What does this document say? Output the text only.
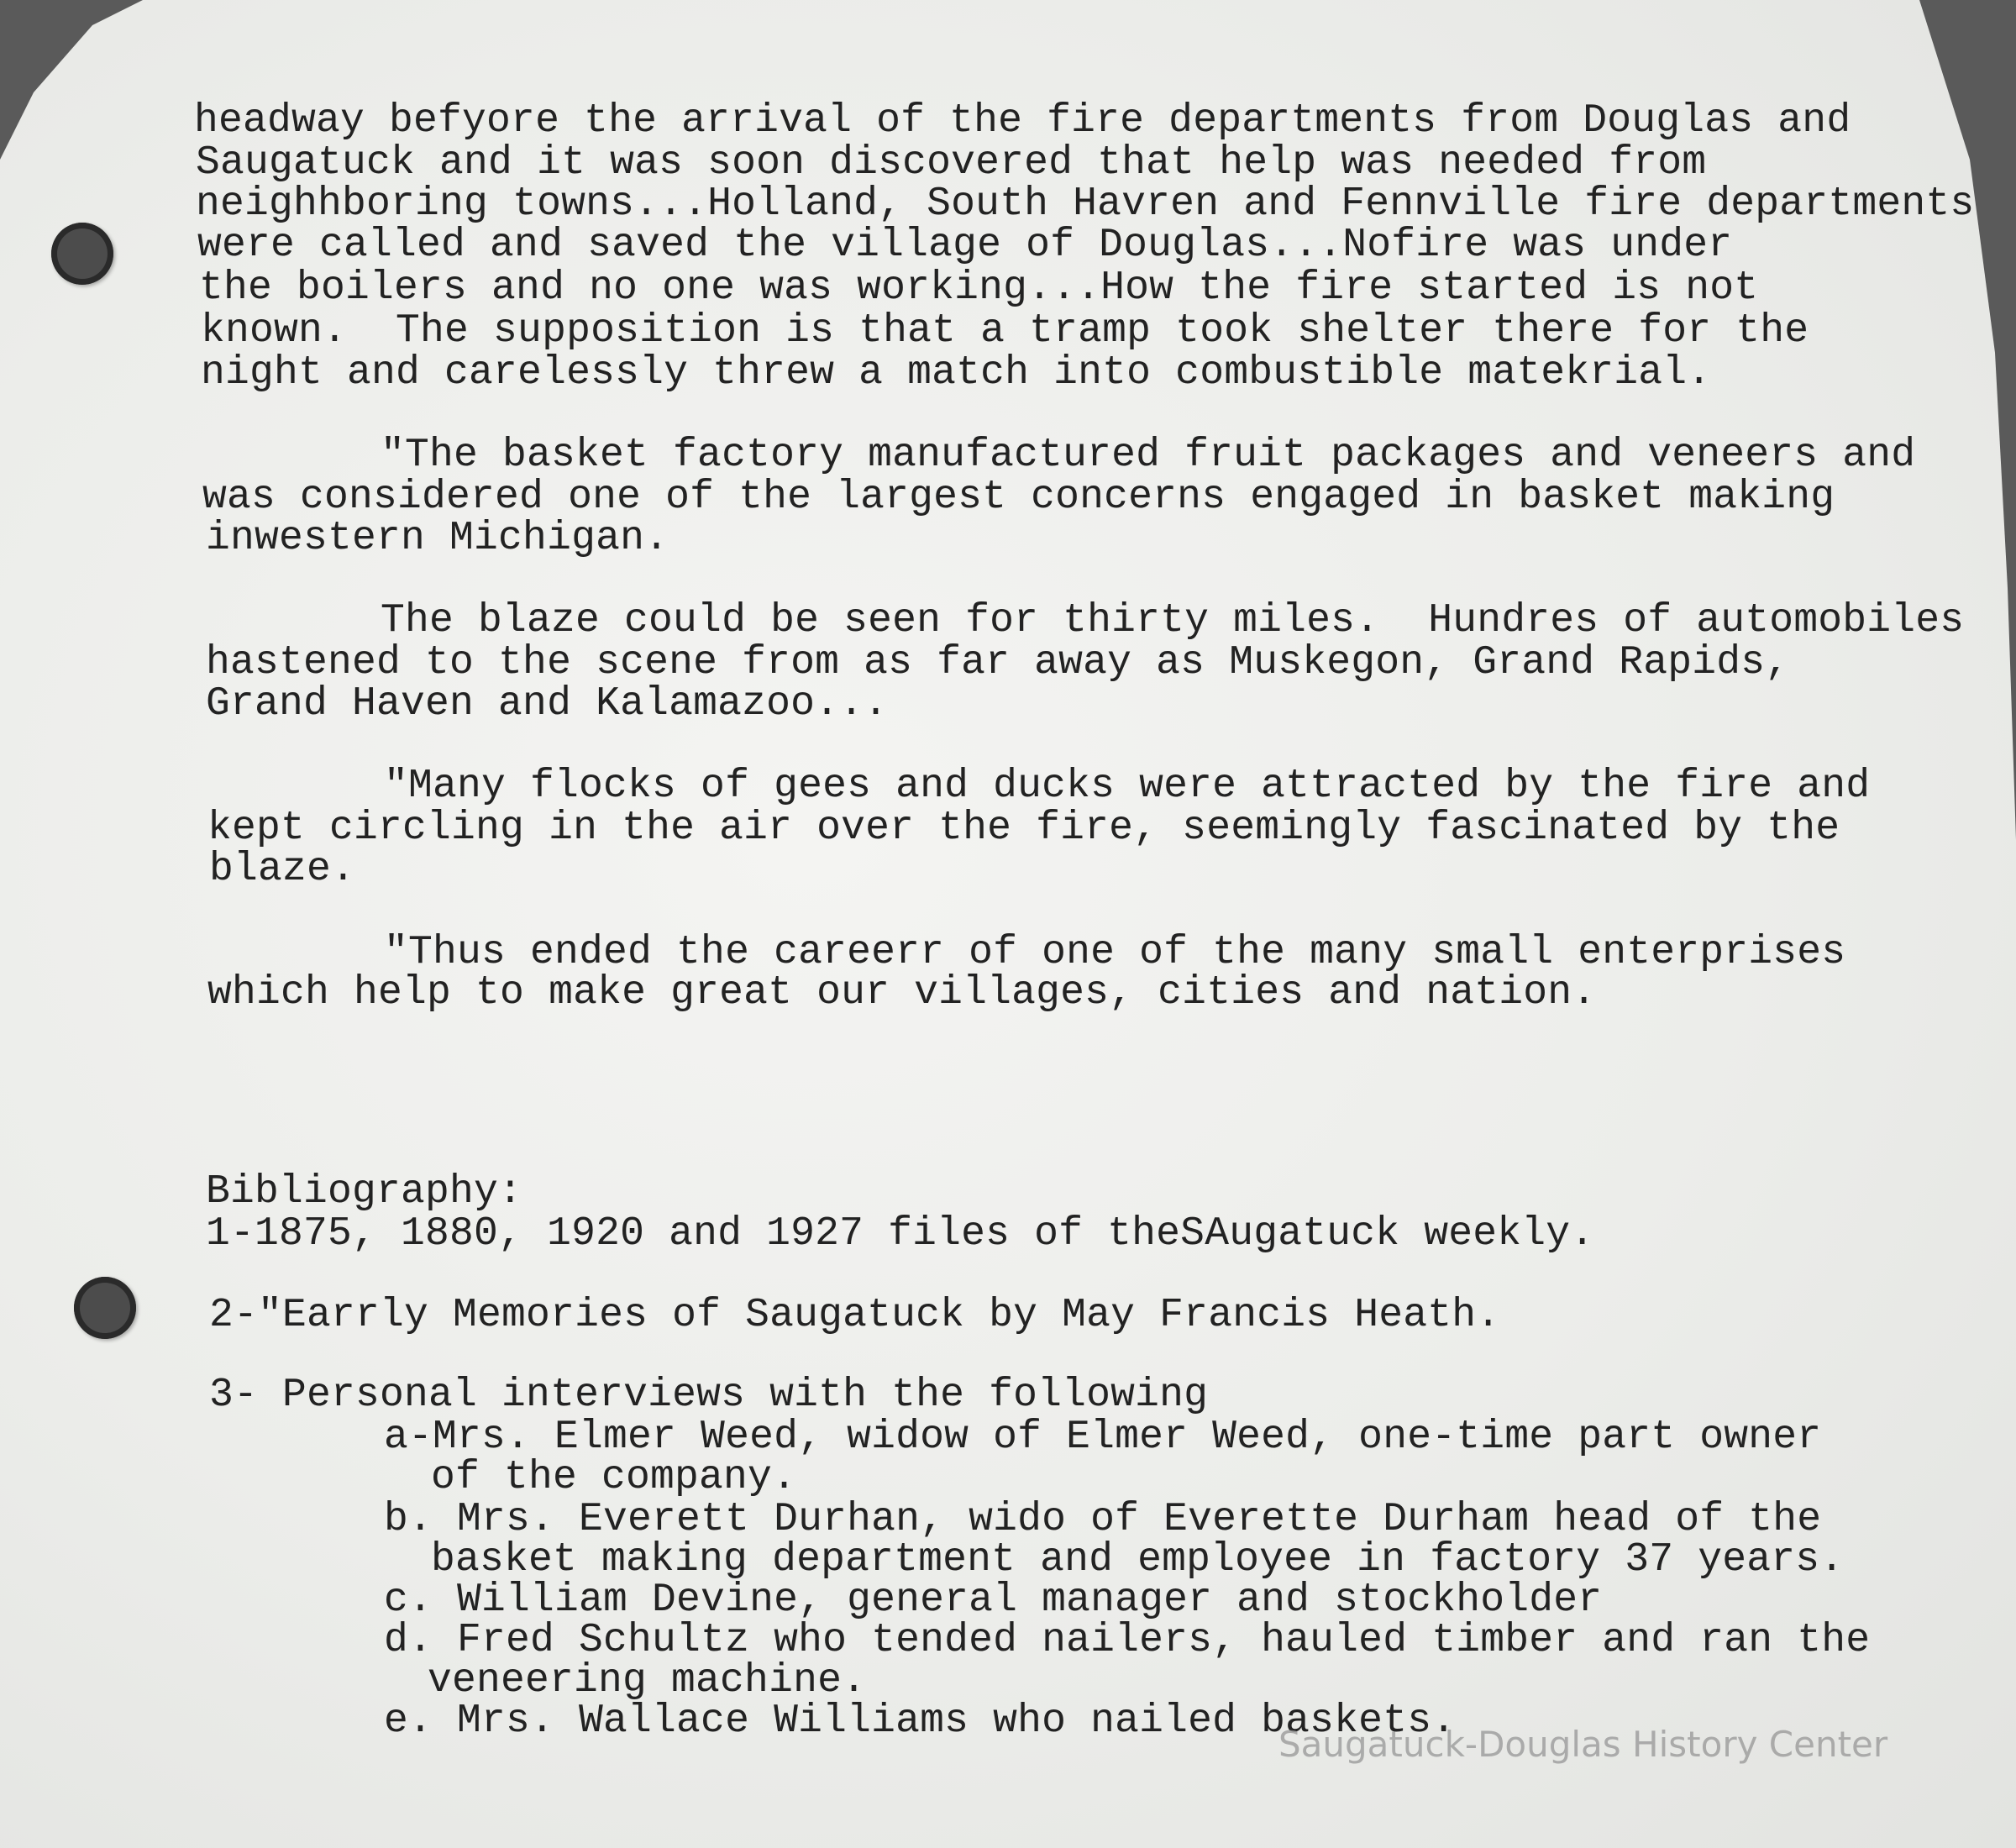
headway befyore the arrival of the fire departments from Douglas and
Saugatuck and it was soon discovered that help was needed from
neighhboring towns...Holland, South Havren and Fennville fire departments
were called and saved the village of Douglas...Nofire was under
the boilers and no one was working...How the fire started is not
known.  The supposition is that a tramp took shelter there for the
night and carelessly threw a match into combustible matekrial.
"The basket factory manufactured fruit packages and veneers and
was considered one of the largest concerns engaged in basket making
inwestern Michigan.
The blaze could be seen for thirty miles.  Hundres of automobiles
hastened to the scene from as far away as Muskegon, Grand Rapids,
Grand Haven and Kalamazoo...
"Many flocks of gees and ducks were attracted by the fire and
kept circling in the air over the fire, seemingly fascinated by the
blaze.
"Thus ended the careerr of one of the many small enterprises
which help to make great our villages, cities and nation.
Bibliography:
1-1875, 1880, 1920 and 1927 files of theSAugatuck weekly.
2-"Earrly Memories of Saugatuck by May Francis Heath.
3- Personal interviews with the following
a-Mrs. Elmer Weed, widow of Elmer Weed, one-time part owner
of the company.
b. Mrs. Everett Durhan, wido of Everette Durham head of the
basket making department and employee in factory 37 years.
c. William Devine, general manager and stockholder
d. Fred Schultz who tended nailers, hauled timber and ran the
veneering machine.
e. Mrs. Wallace Williams who nailed baskets.
Saugatuck-Douglas History Center
